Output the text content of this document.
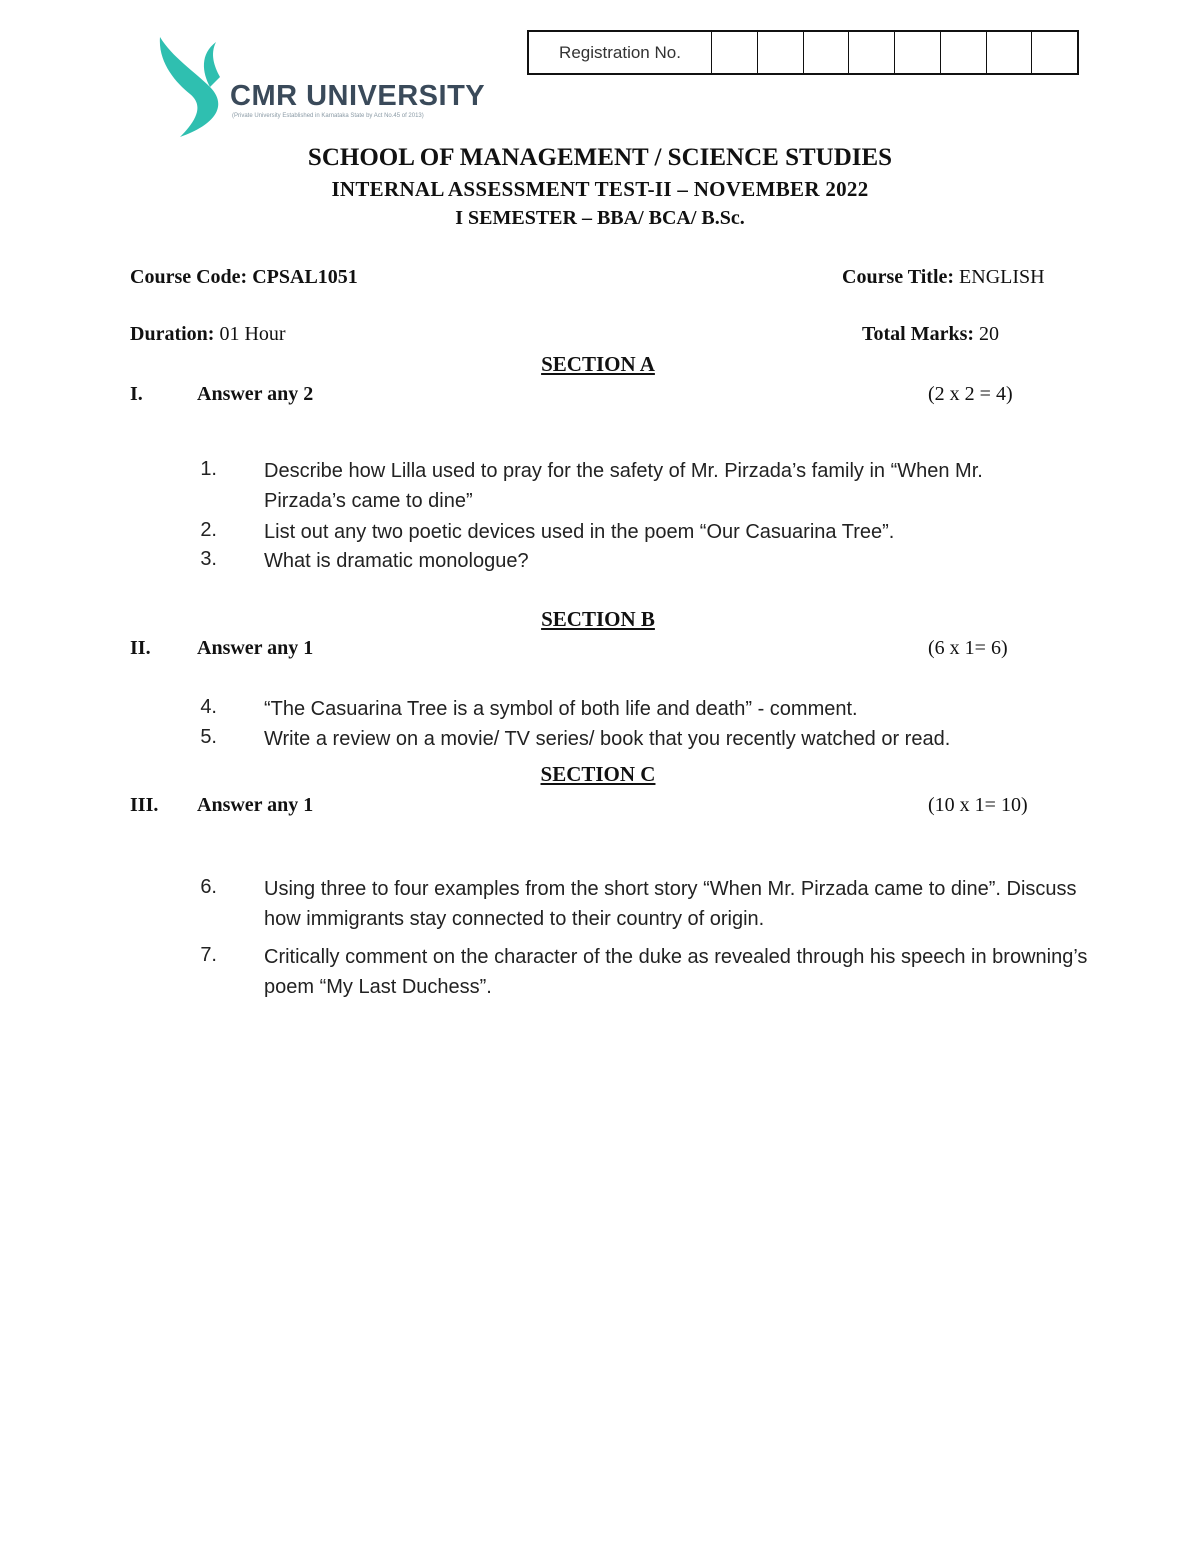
CMR UNIVERSITY
(Private University Established in Karnataka State by Act No.45 of 2013)
Registration No.
SCHOOL OF MANAGEMENT / SCIENCE STUDIES
INTERNAL ASSESSMENT TEST-II – NOVEMBER 2022
I SEMESTER – BBA/ BCA/ B.Sc.
Course Code: CPSAL1051	Course Title: ENGLISH
Duration: 01 Hour	Total Marks: 20
SECTION A
I.	Answer any 2	(2 x 2 = 4)
1. Describe how Lilla used to pray for the safety of Mr. Pirzada’s family in “When Mr. Pirzada’s came to dine”
2. List out any two poetic devices used in the poem “Our Casuarina Tree”.
3. What is dramatic monologue?
SECTION B
II. Answer any 1	(6 x 1= 6)
4. “The Casuarina Tree is a symbol of both life and death” - comment.
5. Write a review on a movie/ TV series/ book that you recently watched or read.
SECTION C
III. Answer any 1	(10 x 1= 10)
6. Using three to four examples from the short story “When Mr. Pirzada came to dine”. Discuss how immigrants stay connected to their country of origin.
7. Critically comment on the character of the duke as revealed through his speech in browning’s poem “My Last Duchess”.
